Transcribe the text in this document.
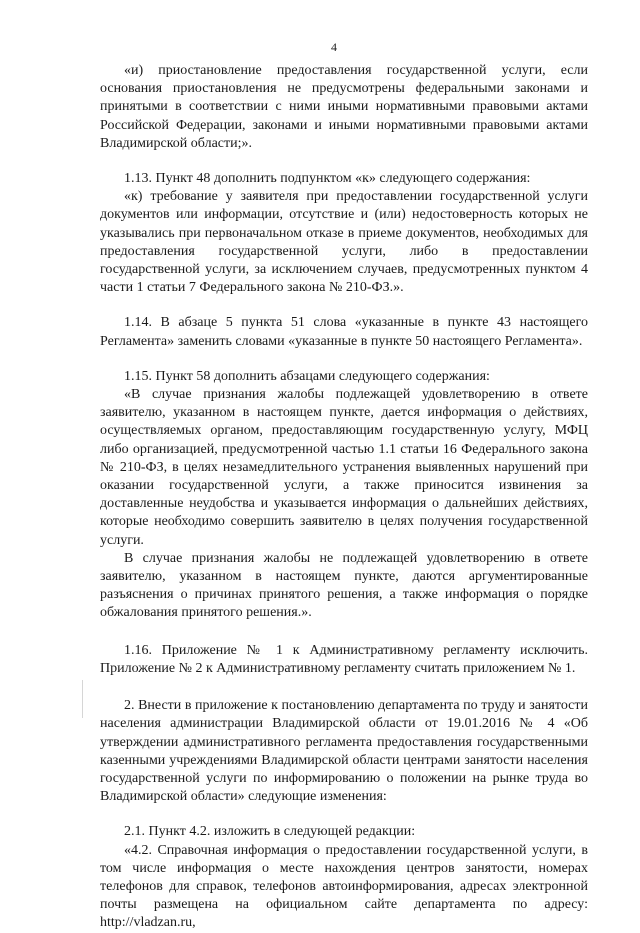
4

«и) приостановление предоставления государственной услуги, если основания приостановления не предусмотрены федеральными законами и принятыми в соответствии с ними иными нормативными правовыми актами Российской Федерации, законами и иными нормативными правовыми актами Владимирской области;».

1.13. Пункт 48 дополнить подпунктом «к» следующего содержания:

«к) требование у заявителя при предоставлении государственной услуги документов или информации, отсутствие и (или) недостоверность которых не указывались при первоначальном отказе в приеме документов, необходимых для предоставления государственной услуги, либо в предоставлении государственной услуги, за исключением случаев, предусмотренных пунктом 4 части 1 статьи 7 Федерального закона № 210-ФЗ.».

1.14. В абзаце 5 пункта 51 слова «указанные в пункте 43 настоящего Регламента» заменить словами «указанные в пункте 50 настоящего Регламента».

1.15. Пункт 58 дополнить абзацами следующего содержания:

«В случае признания жалобы подлежащей удовлетворению в ответе заявителю, указанном в настоящем пункте, дается информация о действиях, осуществляемых органом, предоставляющим государственную услугу, МФЦ либо организацией, предусмотренной частью 1.1 статьи 16 Федерального закона № 210-ФЗ, в целях незамедлительного устранения выявленных нарушений при оказании государственной услуги, а также приносится извинения за доставленные неудобства и указывается информация о дальнейших действиях, которые необходимо совершить заявителю в целях получения государственной услуги.

В случае признания жалобы не подлежащей удовлетворению в ответе заявителю, указанном в настоящем пункте, даются аргументированные разъяснения о причинах принятого решения, а также информация о порядке обжалования принятого решения.».

1.16. Приложение № 1 к Административному регламенту исключить. Приложение № 2 к Административному регламенту считать приложением № 1.

2. Внести в приложение к постановлению департамента по труду и занятости населения администрации Владимирской области от 19.01.2016 № 4 «Об утверждении административного регламента предоставления государственными казенными учреждениями Владимирской области центрами занятости населения государственной услуги по информированию о положении на рынке труда во Владимирской области» следующие изменения:

2.1. Пункт 4.2. изложить в следующей редакции:

«4.2. Справочная информация о предоставлении государственной услуги, в том числе информация о месте нахождения центров занятости, номерах телефонов для справок, телефонов автоинформирования, адресах электронной почты размещена на официальном сайте департамента по адресу: http://vladzan.ru,
